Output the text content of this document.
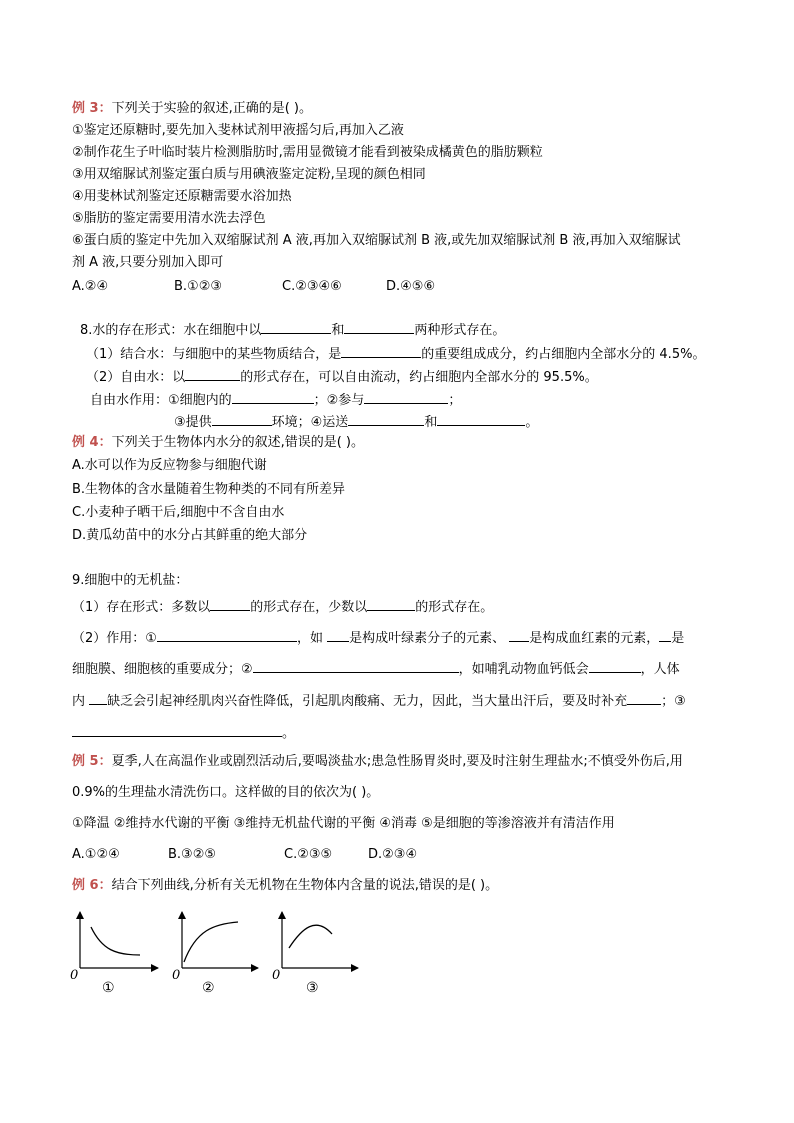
例 3：下列关于实验的叙述,正确的是( )。
①鉴定还原糖时,要先加入斐林试剂甲液摇匀后,再加入乙液
②制作花生子叶临时装片检测脂肪时,需用显微镜才能看到被染成橘黄色的脂肪颗粒
③用双缩脲试剂鉴定蛋白质与用碘液鉴定淀粉,呈现的颜色相同
④用斐林试剂鉴定还原糖需要水浴加热
⑤脂肪的鉴定需要用清水洗去浮色
⑥蛋白质的鉴定中先加入双缩脲试剂 A 液,再加入双缩脲试剂 B 液,或先加双缩脲试剂 B 液,再加入双缩脲试
剂 A 液,只要分别加入即可
A.②④	B.①②③	C.②③④⑥	D.④⑤⑥
8.水的存在形式：水在细胞中以	和	两种形式存在。
（1）结合水：与细胞中的某些物质结合，是	的重要组成成分，约占细胞内全部水分的 4.5%。
（2）自由水：以	的形式存在，可以自由流动，约占细胞内全部水分的 95.5%。
自由水作用：①细胞内的	；②参与	；
③提供	环境；④运送	和	。
例 4：下列关于生物体内水分的叙述,错误的是( )。
A.水可以作为反应物参与细胞代谢
B.生物体的含水量随着生物种类的不同有所差异
C.小麦种子晒干后,细胞中不含自由水
D.黄瓜幼苗中的水分占其鲜重的绝大部分
9.细胞中的无机盐：
（1）存在形式：多数以	的形式存在，少数以	的形式存在。
（2）作用：①	，如 是构成叶绿素分子的元素、 是构成血红素的元素， 是
细胞膜、细胞核的重要成分；②	，如哺乳动物血钙低会	，人体
内 缺乏会引起神经肌肉兴奋性降低，引起肌肉酸痛、无力，因此，当大量出汗后，要及时补充	；③
。
例 5：夏季,人在高温作业或剧烈活动后,要喝淡盐水;患急性肠胃炎时,要及时注射生理盐水;不慎受外伤后,用
0.9%的生理盐水清洗伤口。这样做的目的依次为( )。
①降温 ②维持水代谢的平衡 ③维持无机盐代谢的平衡 ④消毒 ⑤是细胞的等渗溶液并有清洁作用
A.①②④	B.③②⑤	C.②③⑤	D.②③④
例 6：结合下列曲线,分析有关无机物在生物体内含量的说法,错误的是( )。
0
①
0
②
0
③
